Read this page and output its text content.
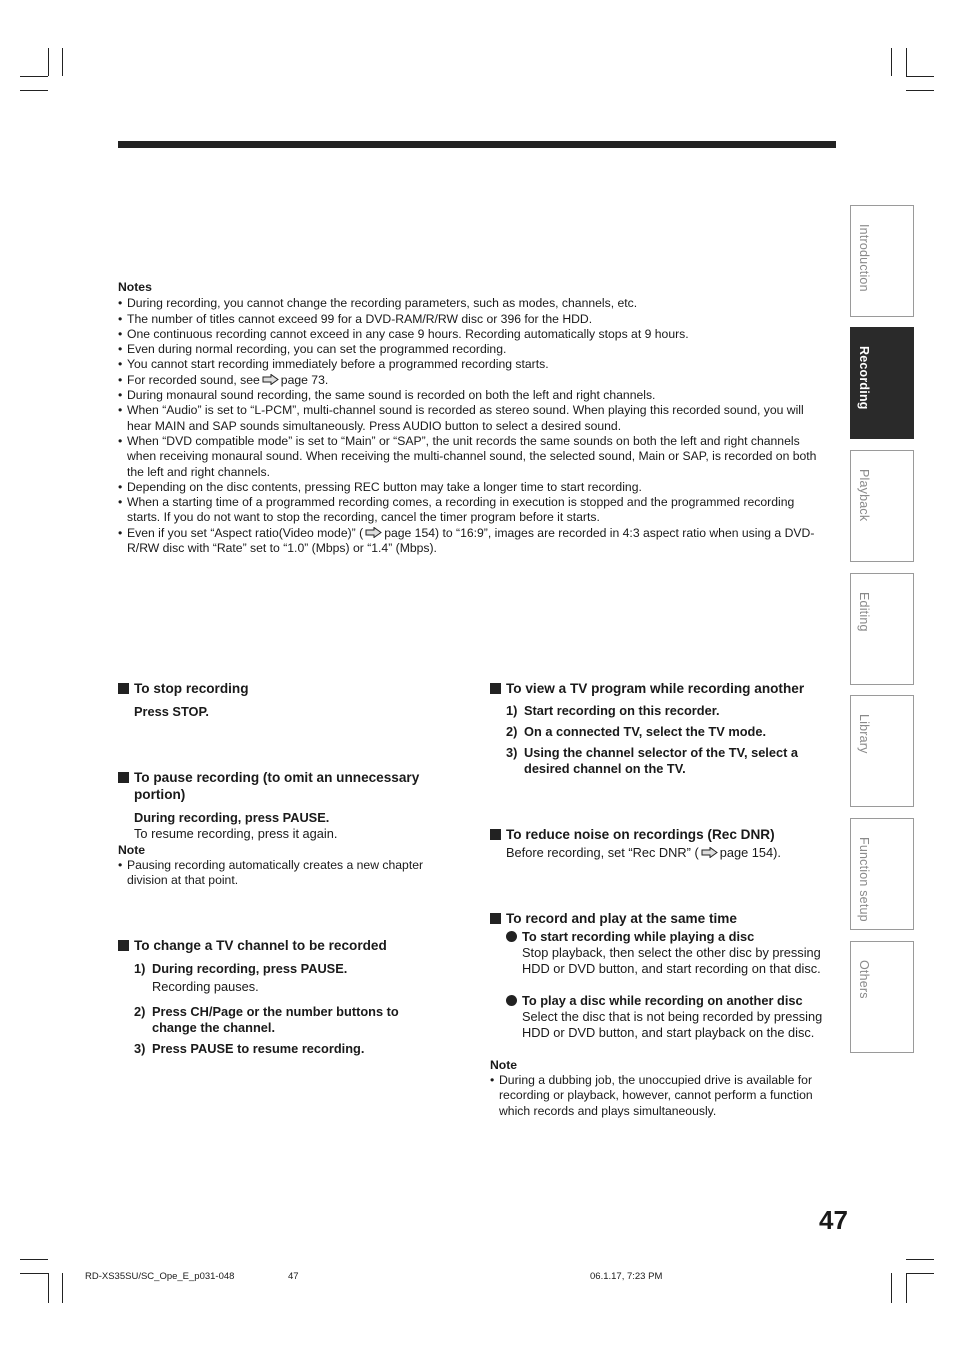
Notes
• During recording, you cannot change the recording parameters, such as modes, channels, etc.
• The number of titles cannot exceed 99 for a DVD-RAM/R/RW disc or 396 for the HDD.
• One continuous recording cannot exceed in any case 9 hours. Recording automatically stops at 9 hours.
• Even during normal recording, you can set the programmed recording.
• You cannot start recording immediately before a programmed recording starts.
• For recorded sound, see page 73.
• During monaural sound recording, the same sound is recorded on both the left and right channels.
• When “Audio” is set to “L-PCM”, multi-channel sound is recorded as stereo sound. When playing this recorded sound, you will hear MAIN and SAP sounds simultaneously. Press AUDIO button to select a desired sound.
• When “DVD compatible mode” is set to “Main” or “SAP”, the unit records the same sounds on both the left and right channels when receiving monaural sound. When receiving the multi-channel sound, the selected sound, Main or SAP, is recorded on both the left and right channels.
• Depending on the disc contents, pressing REC button may take a longer time to start recording.
• When a starting time of a programmed recording comes, a recording in execution is stopped and the programmed recording starts. If you do not want to stop the recording, cancel the timer program before it starts.
• Even if you set “Aspect ratio(Video mode)” ( page 154) to “16:9”, images are recorded in 4:3 aspect ratio when using a DVD-R/RW disc with “Rate” set to “1.0” (Mbps) or “1.4” (Mbps).
To stop recording
Press STOP.
To pause recording (to omit an unnecessary portion)
During recording, press PAUSE.
To resume recording, press it again.
Note
• Pausing recording automatically creates a new chapter division at that point.
To change a TV channel to be recorded
1) During recording, press PAUSE.
Recording pauses.
2) Press CH/Page or the number buttons to change the channel.
3) Press PAUSE to resume recording.
To view a TV program while recording another
1) Start recording on this recorder.
2) On a connected TV, select the TV mode.
3) Using the channel selector of the TV, select a desired channel on the TV.
To reduce noise on recordings (Rec DNR)
Before recording, set “Rec DNR” ( page 154).
To record and play at the same time
To start recording while playing a disc
Stop playback, then select the other disc by pressing HDD or DVD button, and start recording on that disc.
To play a disc while recording on another disc
Select the disc that is not being recorded by pressing HDD or DVD button, and start playback on the disc.
Note
• During a dubbing job, the unoccupied drive is available for recording or playback, however, cannot perform a function which records and plays simultaneously.
Introduction
Recording
Playback
Editing
Library
Function setup
Others
47
RD-XS35SU/SC_Ope_E_p031-048	47	06.1.17, 7:23 PM
